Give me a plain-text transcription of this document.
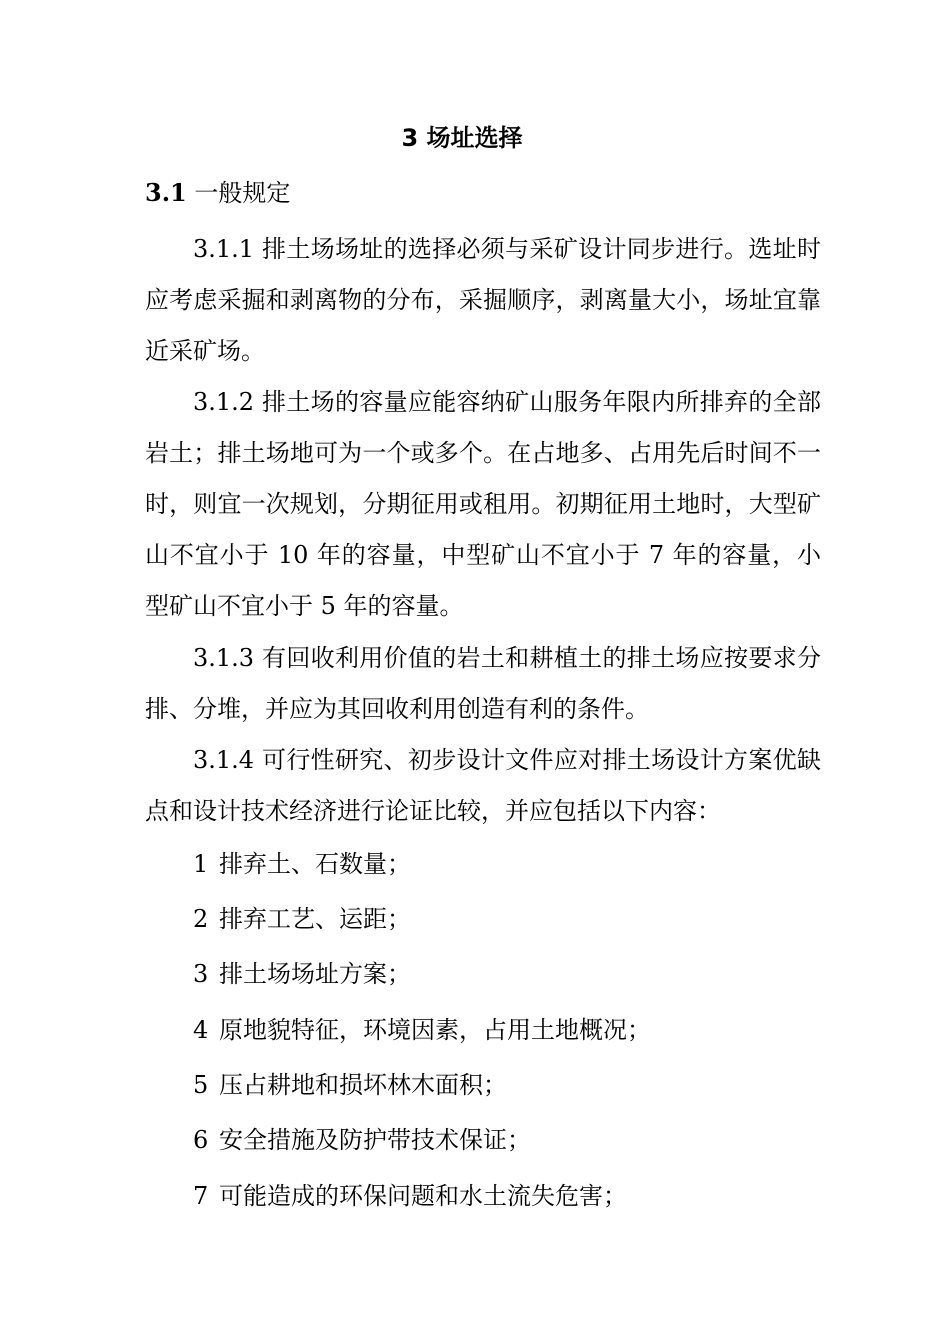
3 场址选择

3.1 一般规定

3.1.1 排土场场址的选择必须与采矿设计同步进行。选址时应考虑采掘和剥离物的分布，采掘顺序，剥离量大小，场址宜靠近采矿场。

3.1.2 排土场的容量应能容纳矿山服务年限内所排弃的全部岩土；排土场地可为一个或多个。在占地多、占用先后时间不一时，则宜一次规划，分期征用或租用。初期征用土地时，大型矿山不宜小于 10 年的容量，中型矿山不宜小于 7 年的容量，小型矿山不宜小于 5 年的容量。

3.1.3 有回收利用价值的岩土和耕植土的排土场应按要求分排、分堆，并应为其回收利用创造有利的条件。

3.1.4 可行性研究、初步设计文件应对排土场设计方案优缺点和设计技术经济进行论证比较，并应包括以下内容：

1 排弃土、石数量；

2 排弃工艺、运距；

3 排土场场址方案；

4 原地貌特征，环境因素，占用土地概况；

5 压占耕地和损坏林木面积；

6 安全措施及防护带技术保证；

7 可能造成的环保问题和水土流失危害；
